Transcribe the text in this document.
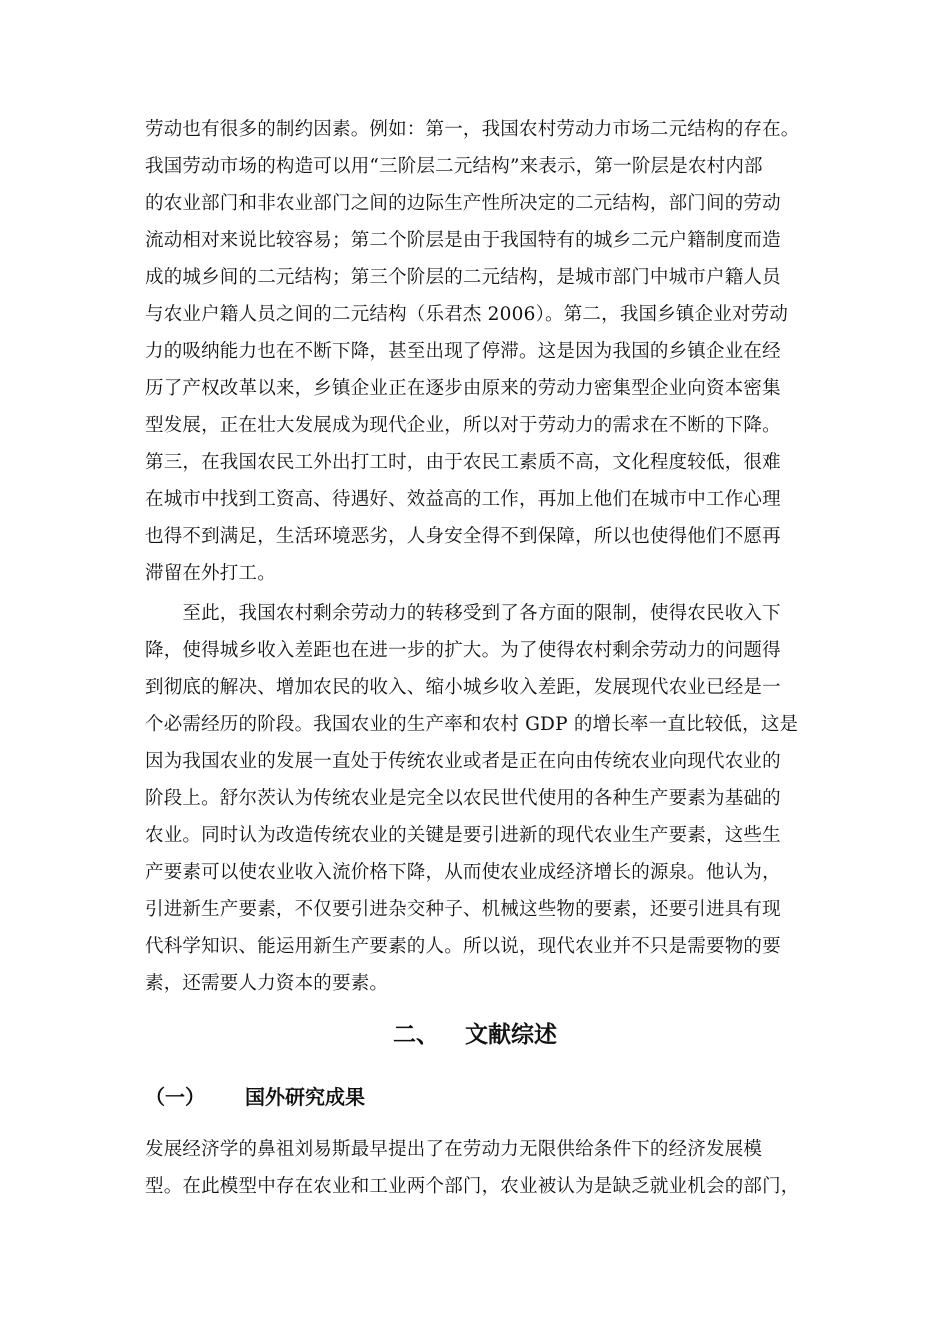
劳动也有很多的制约因素。例如：第一，我国农村劳动力市场二元结构的存在。
我国劳动市场的构造可以用“三阶层二元结构”来表示，第一阶层是农村内部
的农业部门和非农业部门之间的边际生产性所决定的二元结构，部门间的劳动
流动相对来说比较容易；第二个阶层是由于我国特有的城乡二元户籍制度而造
成的城乡间的二元结构；第三个阶层的二元结构，是城市部门中城市户籍人员
与农业户籍人员之间的二元结构（乐君杰 2006）。第二，我国乡镇企业对劳动
力的吸纳能力也在不断下降，甚至出现了停滞。这是因为我国的乡镇企业在经
历了产权改革以来，乡镇企业正在逐步由原来的劳动力密集型企业向资本密集
型发展，正在壮大发展成为现代企业，所以对于劳动力的需求在不断的下降。
第三，在我国农民工外出打工时，由于农民工素质不高，文化程度较低，很难
在城市中找到工资高、待遇好、效益高的工作，再加上他们在城市中工作心理
也得不到满足，生活环境恶劣，人身安全得不到保障，所以也使得他们不愿再
滞留在外打工。
　　至此，我国农村剩余劳动力的转移受到了各方面的限制，使得农民收入下
降，使得城乡收入差距也在进一步的扩大。为了使得农村剩余劳动力的问题得
到彻底的解决、增加农民的收入、缩小城乡收入差距，发展现代农业已经是一
个必需经历的阶段。我国农业的生产率和农村 GDP 的增长率一直比较低，这是
因为我国农业的发展一直处于传统农业或者是正在向由传统农业向现代农业的
阶段上。舒尔茨认为传统农业是完全以农民世代使用的各种生产要素为基础的
农业。同时认为改造传统农业的关键是要引进新的现代农业生产要素，这些生
产要素可以使农业收入流价格下降，从而使农业成经济增长的源泉。他认为，
引进新生产要素，不仅要引进杂交种子、机械这些物的要素，还要引进具有现
代科学知识、能运用新生产要素的人。所以说，现代农业并不只是需要物的要
素，还需要人力资本的要素。
二、 文献综述
（一） 国外研究成果
发展经济学的鼻祖刘易斯最早提出了在劳动力无限供给条件下的经济发展模
型。在此模型中存在农业和工业两个部门，农业被认为是缺乏就业机会的部门，
